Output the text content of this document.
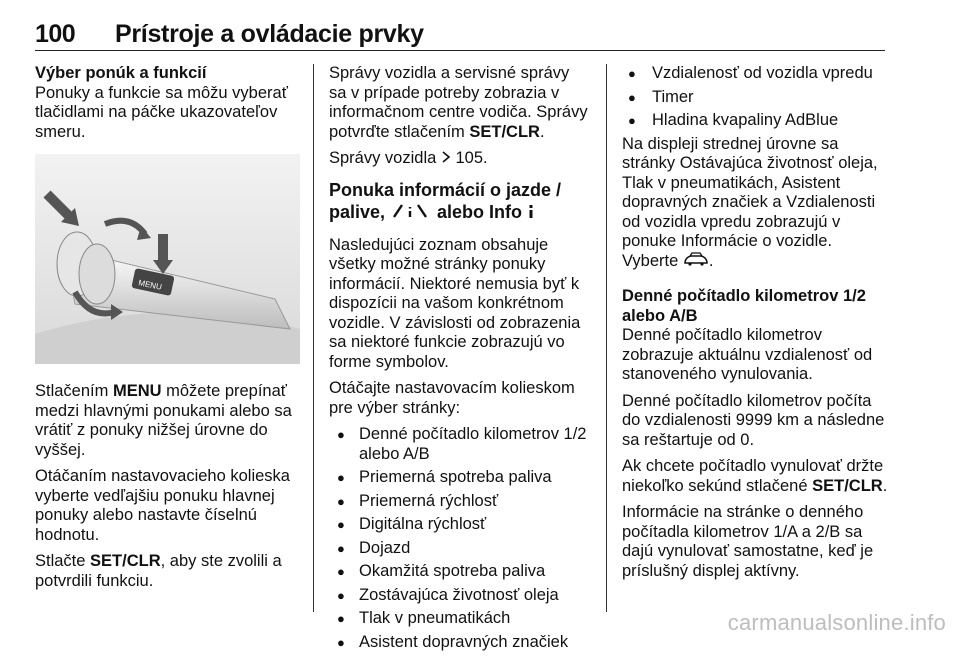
100 Prístroje a ovládacie prvky
Výber ponúk a funkcií

Ponuky a funkcie sa môžu vyberať tlačidlami na páčke ukazovateľov smeru.

MENU

Stlačením MENU môžete prepínať medzi hlavnými ponukami alebo sa vrátiť z ponuky nižšej úrovne do vyššej.

Otáčaním nastavovacieho kolieska vyberte vedľajšiu ponuku hlavnej ponuky alebo nastavte číselnú hodnotu.

Stlačte SET/CLR, aby ste zvolili a potvrdili funkciu.

Správy vozidla a servisné správy sa v prípade potreby zobrazia v informačnom centre vodiča. Správy potvrďte stlačením SET/CLR.

Správy vozidla  105.

Ponuka informácií o jazde / palive,  alebo Info

Nasledujúci zoznam obsahuje všetky možné stránky ponuky informácií. Niektoré nemusia byť k dispozícii na vašom konkrétnom vozidle. V závislosti od zobrazenia sa niektoré funkcie zobrazujú vo forme symbolov.

Otáčajte nastavovacím kolieskom pre výber stránky:

● Denné počítadlo kilometrov 1/2 alebo A/B
● Priemerná spotreba paliva
● Priemerná rýchlosť
● Digitálna rýchlosť
● Dojazd
● Okamžitá spotreba paliva
● Zostávajúca životnosť oleja
● Tlak v pneumatikách
● Asistent dopravných značiek
● Vzdialenosť od vozidla vpredu
● Timer
● Hladina kvapaliny AdBlue

Na displeji strednej úrovne sa stránky Ostávajúca životnosť oleja, Tlak v pneumatikách, Asistent dopravných značiek a Vzdialenosti od vozidla vpredu zobrazujú v ponuke Informácie o vozidle. Vyberte .

Denné počítadlo kilometrov 1/2 alebo A/B

Denné počítadlo kilometrov zobrazuje aktuálnu vzdialenosť od stanoveného vynulovania.

Denné počítadlo kilometrov počíta do vzdialenosti 9999 km a následne sa reštartuje od 0.

Ak chcete počítadlo vynulovať držte niekoľko sekúnd stlačené SET/CLR.

Informácie na stránke o denného počítadla kilometrov 1/A a 2/B sa dajú vynulovať samostatne, keď je príslušný displej aktívny.

carmanualsonline.info
